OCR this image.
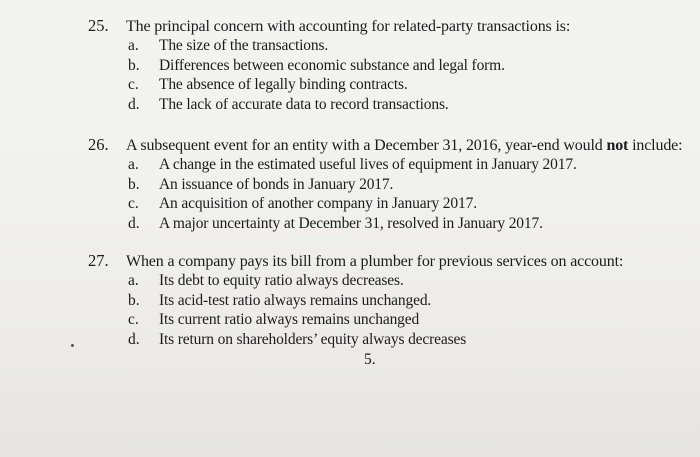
25.	The principal concern with accounting for related-party transactions is:
a.	The size of the transactions.
b.	Differences between economic substance and legal form.
c.	The absence of legally binding contracts.
d.	The lack of accurate data to record transactions.
26.	A subsequent event for an entity with a December 31, 2016, year-end would not include:
a.	A change in the estimated useful lives of equipment in January 2017.
b.	An issuance of bonds in January 2017.
c.	An acquisition of another company in January 2017.
d.	A major uncertainty at December 31, resolved in January 2017.
27.	When a company pays its bill from a plumber for previous services on account:
a.	Its debt to equity ratio always decreases.
b.	Its acid-test ratio always remains unchanged.
c.	Its current ratio always remains unchanged
d.	Its return on shareholders’ equity always decreases
5.
